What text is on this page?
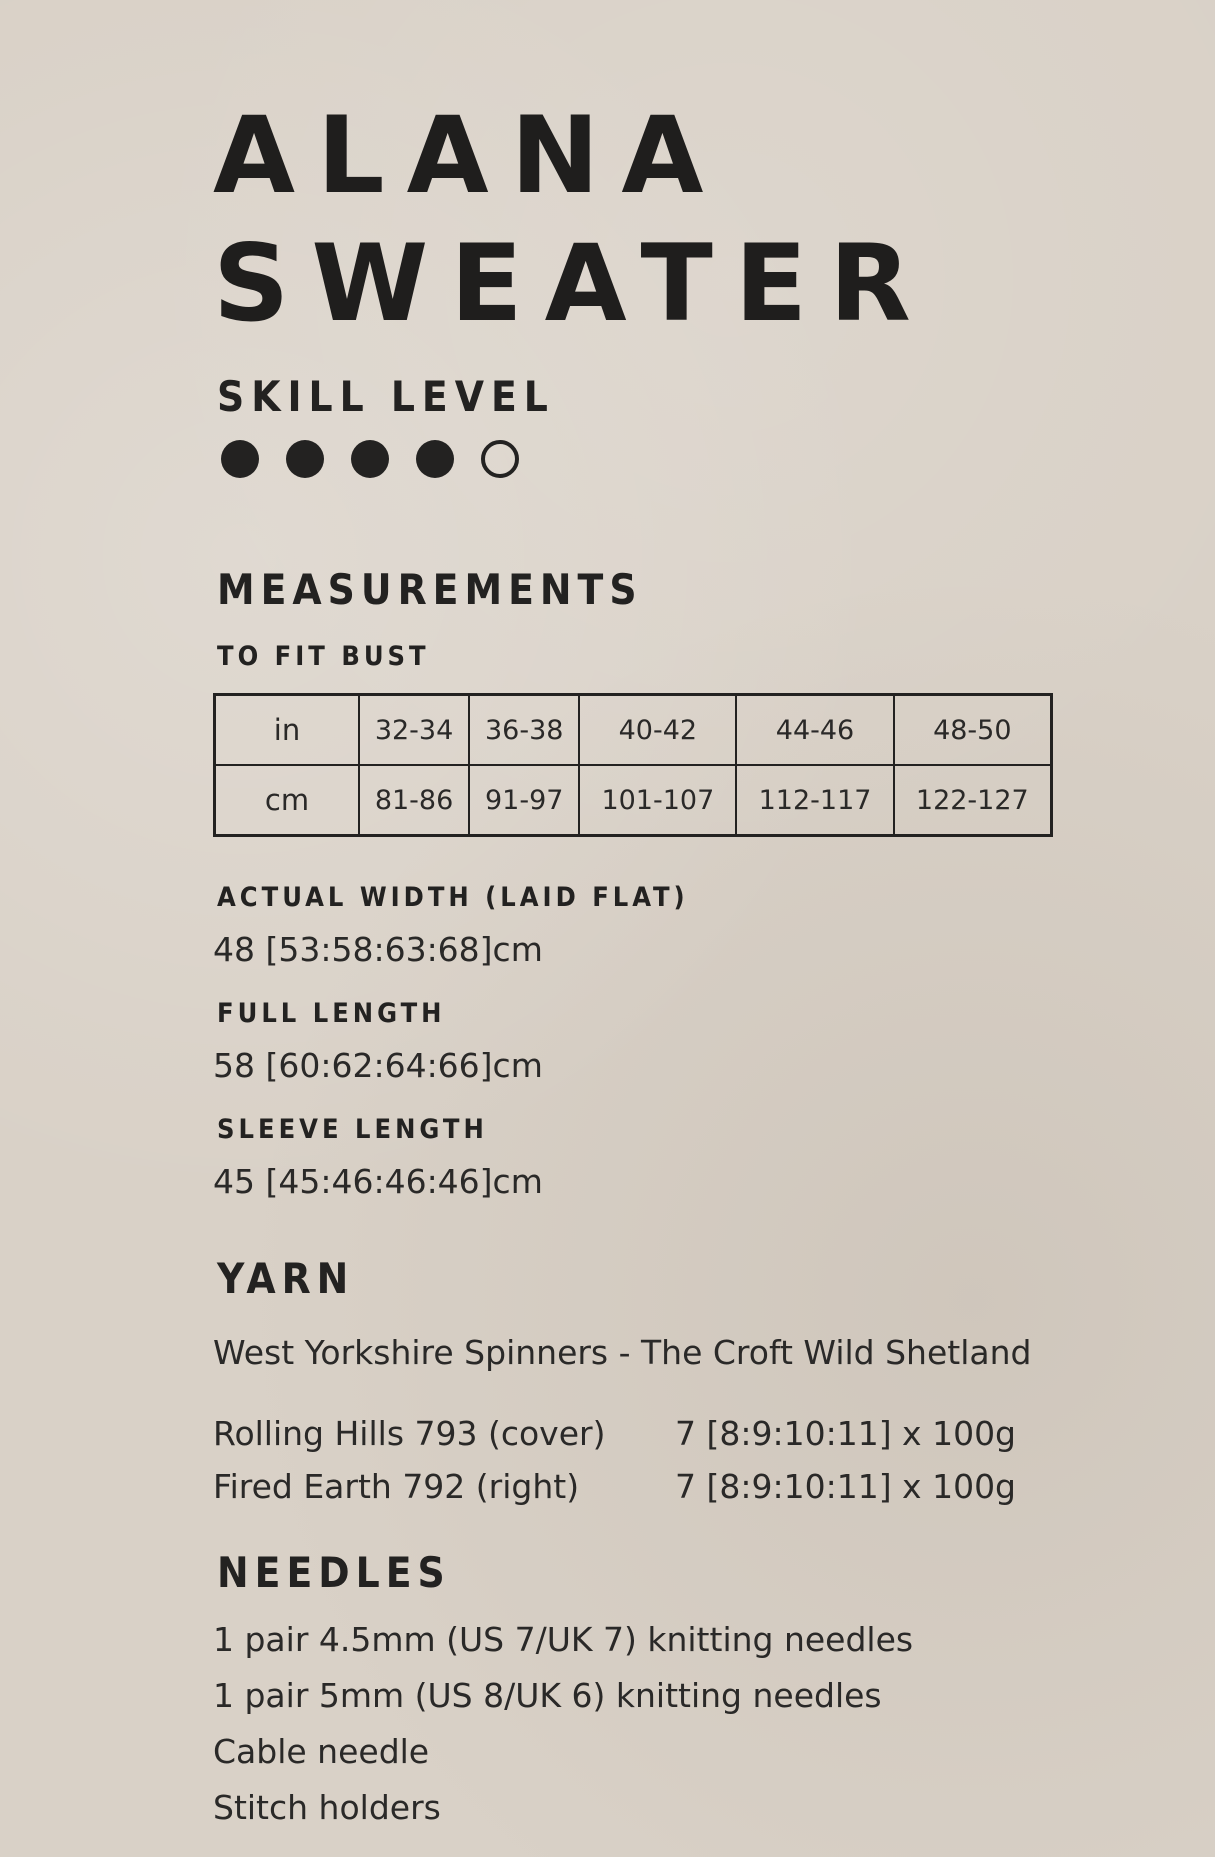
ALANA
SWEATER
SKILL LEVEL
MEASUREMENTS
TO FIT BUST
in	32-34	36-38	40-42	44-46	48-50
cm	81-86	91-97	101-107	112-117	122-127
ACTUAL WIDTH (LAID FLAT)

48 [53:58:63:68]cm

FULL LENGTH

58 [60:62:64:66]cm

SLEEVE LENGTH

45 [45:46:46:46]cm

YARN

West Yorkshire Spinners - The Croft Wild Shetland

Rolling Hills 793 (cover) 7 [8:9:10:11] x 100g
Fired Earth 792 (right)	7 [8:9:10:11] x 100g
NEEDLES
1 pair 4.5mm (US 7/UK 7) knitting needles
1 pair 5mm (US 8/UK 6) knitting needles
Cable needle
Stitch holders
